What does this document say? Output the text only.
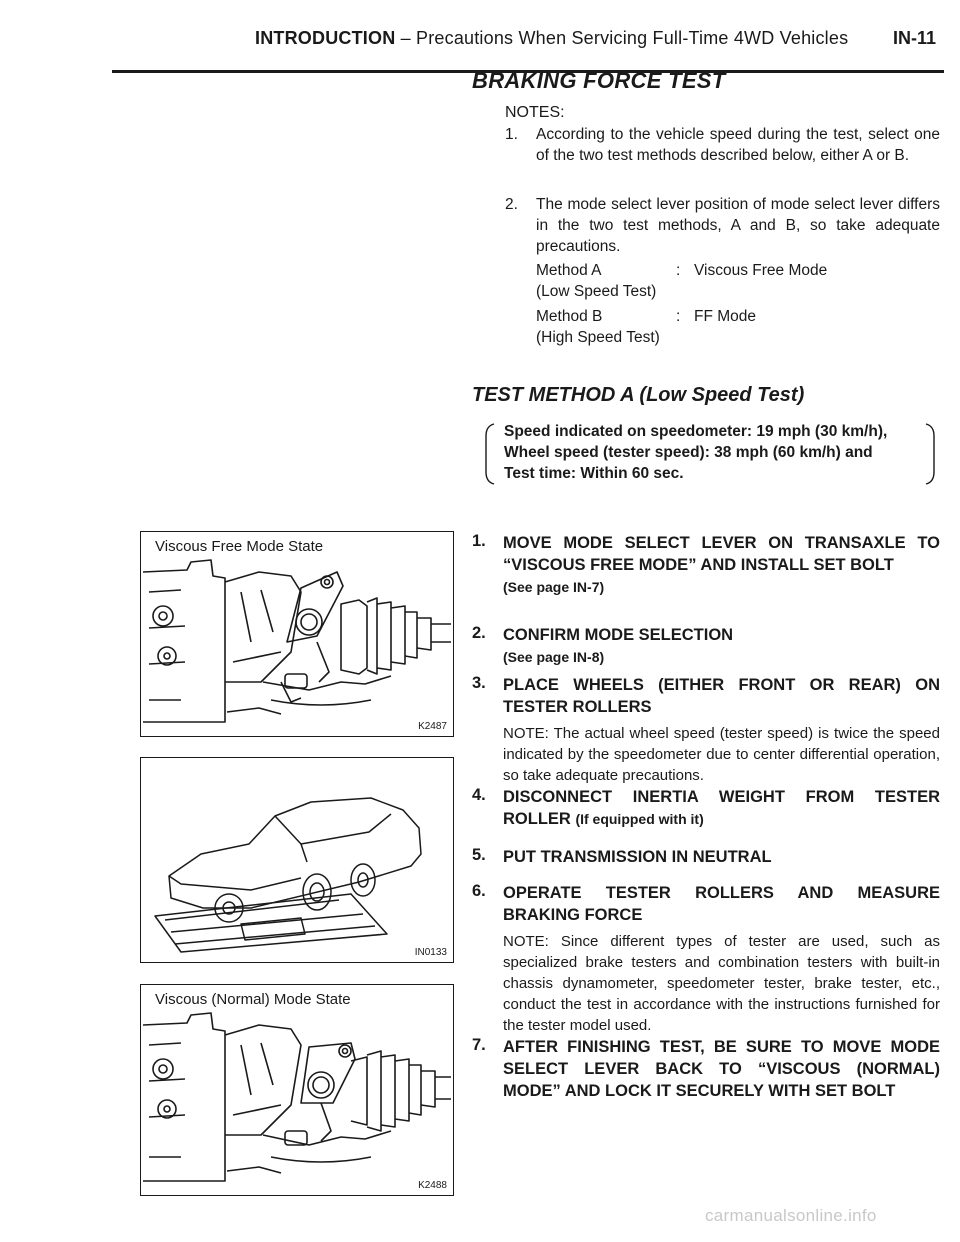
INTRODUCTION – Precautions When Servicing Full-Time 4WD Vehicles IN-11
BRAKING FORCE TEST
NOTES:
1. According to the vehicle speed during the test, select one of the two test methods described below, either A or B.
2. The mode select lever position of mode select lever differs in the two test methods, A and B, so take adequate precautions.
Method A
(Low Speed Test)
: Viscous Free Mode
Method B
(High Speed Test)
: FF Mode
TEST METHOD A (Low Speed Test)
Speed indicated on speedometer: 19 mph (30 km/h),
Wheel speed (tester speed): 38 mph (60 km/h) and
Test time: Within 60 sec.
1. MOVE MODE SELECT LEVER ON TRANSAXLE TO “VISCOUS FREE MODE” AND INSTALL SET BOLT
(See page IN-7)
2. CONFIRM MODE SELECTION
(See page IN-8)
3. PLACE WHEELS (EITHER FRONT OR REAR) ON TESTER ROLLERS
NOTE: The actual wheel speed (tester speed) is twice the speed indicated by the speedometer due to center differential operation, so take adequate precautions.
4. DISCONNECT INERTIA WEIGHT FROM TESTER ROLLER (If equipped with it)
5. PUT TRANSMISSION IN NEUTRAL
6. OPERATE TESTER ROLLERS AND MEASURE BRAKING FORCE
NOTE: Since different types of tester are used, such as specialized brake testers and combination testers with built-in chassis dynamometer, speedometer tester, brake tester, etc., conduct the test in accordance with the instructions furnished for the tester model used.
7. AFTER FINISHING TEST, BE SURE TO MOVE MODE SELECT LEVER BACK TO “VISCOUS (NORMAL) MODE” AND LOCK IT SECURELY WITH SET BOLT
Viscous Free Mode State
K2487
IN0133
Viscous (Normal) Mode State
K2488
carmanualsonline.info
